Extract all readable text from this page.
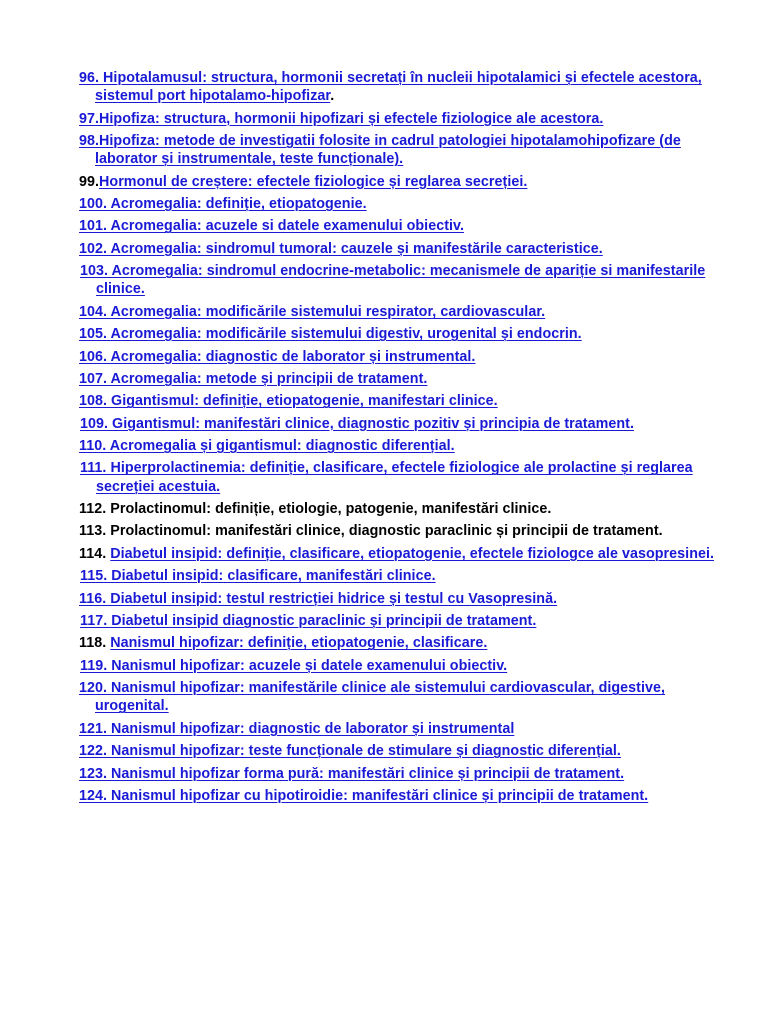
96. Hipotalamusul: structura, hormonii secretați în nucleii hipotalamici și efectele acestora, sistemul port hipotalamo-hipofizar.
97.Hipofiza: structura, hormonii hipofizari și efectele fiziologice ale acestora.
98.Hipofiza: metode de investigatii folosite in cadrul patologiei hipotalamohipofizare (de laborator și instrumentale, teste funcționale).
99.Hormonul de creștere: efectele fiziologice și reglarea secreției.
100. Acromegalia: definiție, etiopatogenie.
101. Acromegalia: acuzele si datele examenului obiectiv.
102. Acromegalia: sindromul tumoral: cauzele și manifestările caracteristice.
103. Acromegalia: sindromul endocrine-metabolic: mecanismele de apariție si manifestarile clinice.
104. Acromegalia: modificările sistemului respirator, cardiovascular.
105. Acromegalia: modificările sistemului digestiv, urogenital și endocrin.
106. Acromegalia: diagnostic de laborator și instrumental.
107. Acromegalia: metode și principii de tratament.
108. Gigantismul: definiție, etiopatogenie, manifestari clinice.
109. Gigantismul: manifestări clinice, diagnostic pozitiv și principia de tratament.
110. Acromegalia și gigantismul: diagnostic diferențial.
111. Hiperprolactinemia: definiție, clasificare, efectele fiziologice ale prolactine și reglarea secreției acestuia.
112. Prolactinomul: definiție, etiologie, patogenie, manifestări clinice.
113. Prolactinomul: manifestări clinice, diagnostic paraclinic și principii de tratament.
114. Diabetul insipid: definiție, clasificare, etiopatogenie, efectele fiziologce ale vasopresinei.
115. Diabetul insipid: clasificare, manifestări clinice.
116. Diabetul insipid: testul restricției hidrice și testul cu Vasopresină.
117. Diabetul insipid diagnostic paraclinic și principii de tratament.
118. Nanismul hipofizar: definiție, etiopatogenie, clasificare.
119. Nanismul hipofizar: acuzele și datele examenului obiectiv.
120. Nanismul hipofizar: manifestările clinice ale sistemului cardiovascular, digestive, urogenital.
121. Nanismul hipofizar: diagnostic de laborator și instrumental
122. Nanismul hipofizar: teste funcționale de stimulare și diagnostic diferențial.
123. Nanismul hipofizar forma pură: manifestări clinice și principii de tratament.
124. Nanismul hipofizar cu hipotiroidie: manifestări clinice și principii de tratament.
